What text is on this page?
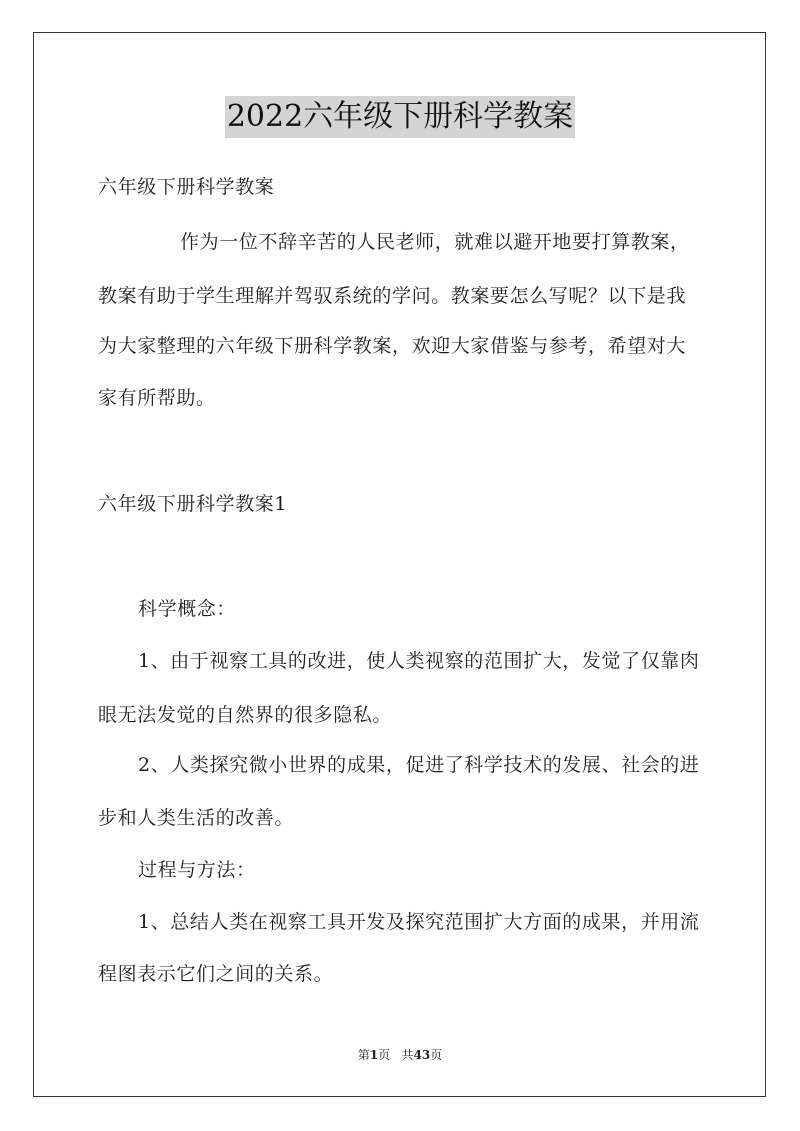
2022六年级下册科学教案
六年级下册科学教案
作为一位不辞辛苦的人民老师，就难以避开地要打算教案，
教案有助于学生理解并驾驭系统的学问。教案要怎么写呢？以下是我
为大家整理的六年级下册科学教案，欢迎大家借鉴与参考，希望对大
家有所帮助。
六年级下册科学教案1
科学概念：
1、由于视察工具的改进，使人类视察的范围扩大，发觉了仅靠肉
眼无法发觉的自然界的很多隐私。
2、人类探究微小世界的成果，促进了科学技术的发展、社会的进
步和人类生活的改善。
过程与方法：
1、总结人类在视察工具开发及探究范围扩大方面的成果，并用流
程图表示它们之间的关系。
第1页 共43页
